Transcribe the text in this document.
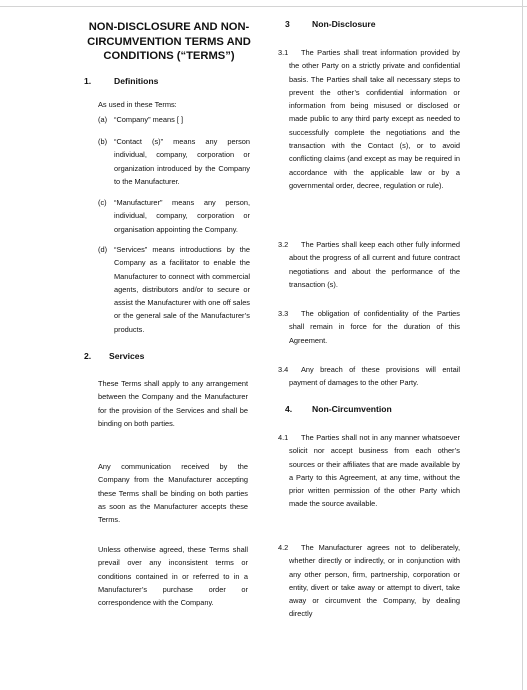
NON-DISCLOSURE AND NON-CIRCUMVENTION TERMS AND CONDITIONS (“TERMS”)
1.	Definitions
As used in these Terms:
(a) “Company” means [ ]
(b) “Contact (s)” means any person individual, company, corporation or organization introduced by the Company to the Manufacturer.
(c) “Manufacturer” means any person, individual, company, corporation or organisation appointing the Company.
(d) “Services” means introductions by the Company as a facilitator to enable the Manufacturer to connect with commercial agents, distributors and/or to secure or assist the Manufacturer with one off sales or the general sale of the Manufacturer’s products.
2. Services
These Terms shall apply to any arrangement between the Company and the Manufacturer for the provision of the Services and shall be binding on both parties.
Any communication received by the Company from the Manufacturer accepting these Terms shall be binding on both parties as soon as the Manufacturer accepts these Terms.
Unless otherwise agreed, these Terms shall prevail over any inconsistent terms or conditions contained in or referred to in a Manufacturer’s purchase order or correspondence with the Company.
3	Non-Disclosure
3.1	The Parties shall treat information provided by the other Party on a strictly private and confidential basis. The Parties shall take all necessary steps to prevent the other’s confidential information or information from being misused or disclosed or made public to any third party except as needed to successfully complete the negotiations and the transaction with the Contact (s), or to avoid conflicting claims (and except as may be required in accordance with the applicable law or by a governmental order, decree, regulation or rule).
3.2	The Parties shall keep each other fully informed about the progress of all current and future contract negotiations and about the performance of the transaction (s).
3.3	The obligation of confidentiality of the Parties shall remain in force for the duration of this Agreement.
3.4	Any breach of these provisions will entail payment of damages to the other Party.
4. Non-Circumvention
4.1	The Parties shall not in any manner whatsoever solicit nor accept business from each other’s sources or their affiliates that are made available by a Party to this Agreement, at any time, without the prior written permission of the other Party which made the source available.
4.2	The Manufacturer agrees not to deliberately, whether directly or indirectly, or in conjunction with any other person, firm, partnership, corporation or entity, divert or take away or attempt to divert, take away or circumvent the Company, by dealing directly
